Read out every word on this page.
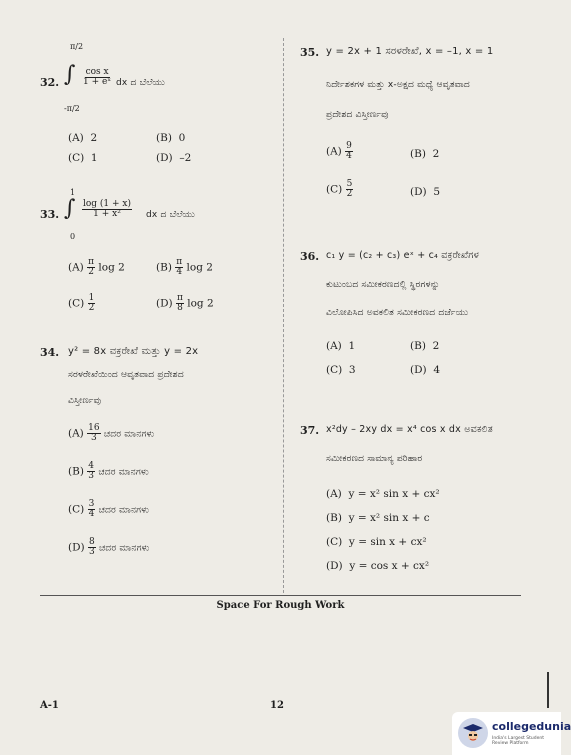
π/2
32. ∫ $\frac{\text{cos x}}{\text{1 + eˣ}}$ dx ದ ಬೆಲೆಯು
-π/2
(A) 2	(B) 0
(C) 1	(D) –2
1
33. ∫ $\frac{\log (1 + x)}{\text{1 + x²}}$ dx ದ ಬೆಲೆಯು
0
$(A) \frac{\pi}{2}$ log 2	$(B) \frac{\pi}{4}$ log 2
$(C) \frac{1}{2}$	$(D) \frac{\pi}{8}$ log 2
34. y² = 8x ವಕ್ರರೇಖೆ ಮತ್ತು y = 2x
ಸರಳರೇಖೆಯಿಂದ ಆವೃತವಾದ ಪ್ರದೇಶದ
ವಿಸ್ತೀರ್ಣವು
$(A) \frac{16}{3}$ ಚದರ ಮಾನಗಳು
$(B) \frac{4}{3}$ ಚದರ ಮಾನಗಳು
$(C) \frac{3}{4}$ ಚದರ ಮಾನಗಳು
$(D) \frac{8}{3}$ ಚದರ ಮಾನಗಳು
35. y = 2x + 1 ಸರಳರೇಖೆ, x = –1, x = 1
ನಿರ್ದೇಶಕಗಳ ಮತ್ತು x-ಅಕ್ಷದ ಮಧ್ಯೆ ಆವೃತವಾದ
ಪ್ರದೇಶದ ವಿಸ್ತೀರ್ಣವು
$(A) \frac{9}{4}$	(B) 2
$(C) \frac{5}{2}$	(D) 5
36. c₁ y = (c₂ + c₃) eˣ + c₄ ವಕ್ರರೇಖೆಗಳ
ಕುಟುಂಬದ ಸಮೀಕರಣದಲ್ಲಿ ಸ್ಥಿರಗಳನ್ನು
ವಿಲೋಪಿಸಿದ ಅವಕಲಿತ ಸಮೀಕರಣದ ದರ್ಜೆಯು
(A) 1	(B) 2
(C) 3	(D) 4
37. x²dy – 2xy dx = x⁴ cos x dx ಅವಕಲಿತ
ಸಮೀಕರಣದ ಸಾಮಾನ್ಯ ಪರಿಹಾರ
(A) y = x² sin x + cx²
(B) y = x² sin x + c
(C) y = sin x + cx²
(D) y = cos x + cx²
Space For Rough Work
A-1	12
collegedunia
India's Largest Student Review Platform
